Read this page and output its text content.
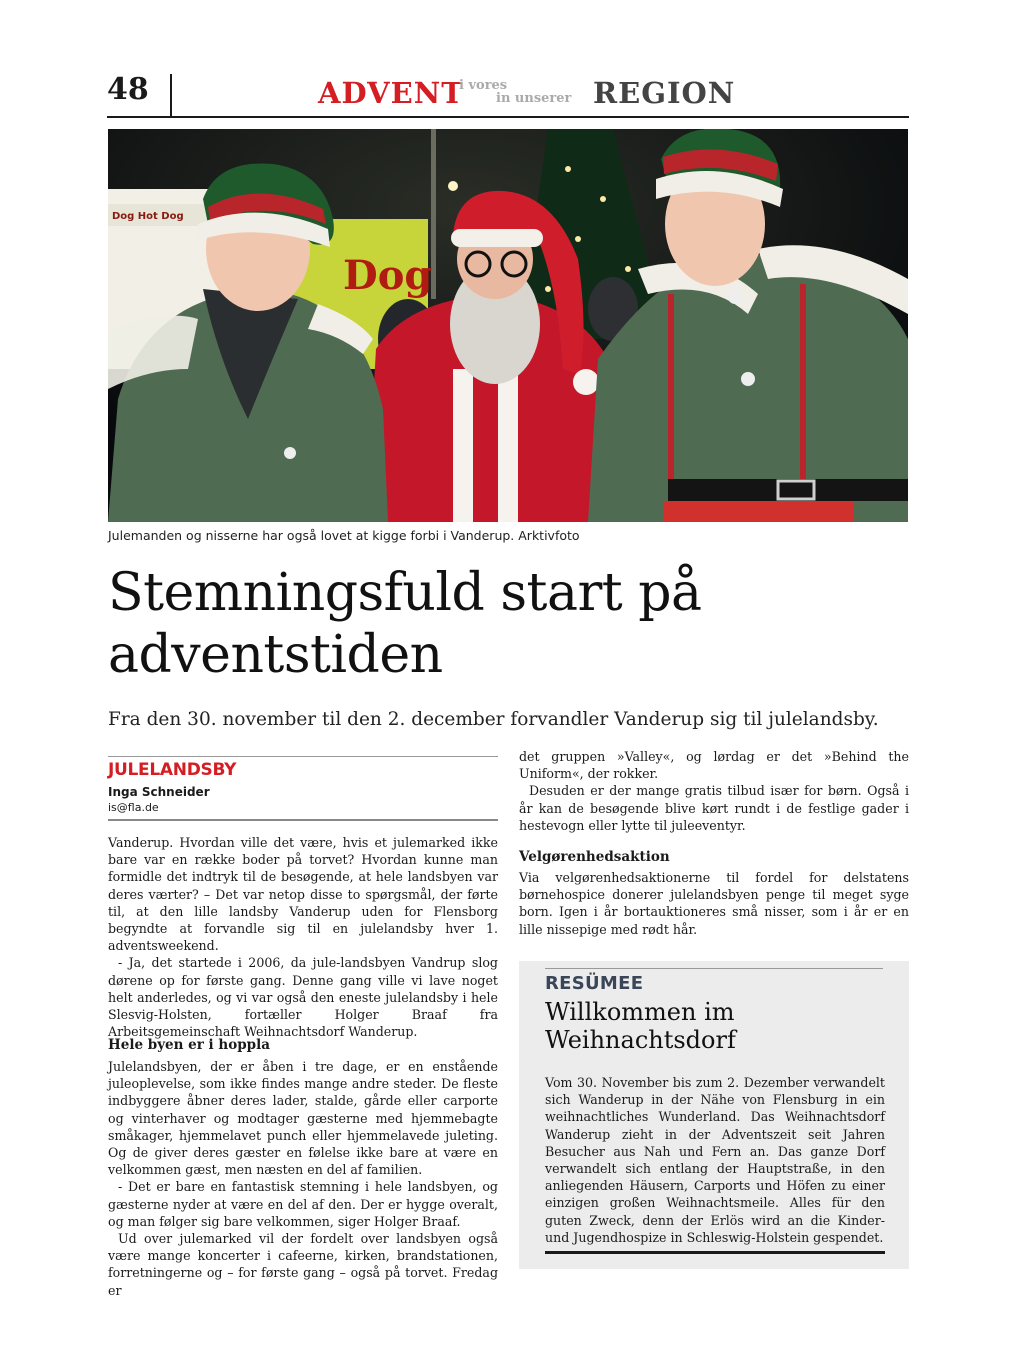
48	ADVENT
i vores
in unserer REGION
Dog Hot Dog
Dog
Julemanden og nisserne har også lovet at kigge forbi i Vanderup. Arktivfoto
Stemningsfuld start på
adventstiden
Fra den 30. november til den 2. december forvandler Vanderup sig til julelandsby.
JULELANDSBY
Inga Schneider
is@fla.de

Vanderup. Hvordan ville det være, hvis et julemarked ikke bare var en række boder på torvet? Hvordan kunne man formidle det indtryk til de besøgende, at hele landsbyen var deres værter? – Det var netop disse to spørgsmål, der førte til, at den lille landsby Vanderup uden for Flensborg begyndte at forvandle sig til en julelandsby hver 1. adventsweekend.

- Ja, det startede i 2006, da jule-landsbyen Vandrup slog dørene op for første gang. Denne gang ville vi lave noget helt anderledes, og vi var også den eneste julelandsby i hele Slesvig-Holsten, fortæller Holger Braaf fra Arbeitsgemeinschaft Weihnachtsdorf Wanderup.

Hele byen er i hoppla

Julelandsbyen, der er åben i tre dage, er en enstående juleoplevelse, som ikke findes mange andre steder. De fleste indbyggere åbner deres lader, stalde, gårde eller carporte og vinterhaver og modtager gæsterne med hjemmebagte småkager, hjemmelavet punch eller hjemmelavede juleting. Og de giver deres gæster en følelse ikke bare at være en velkommen gæst, men næsten en del af familien.

- Det er bare en fantastisk stemning i hele landsbyen, og gæsterne nyder at være en del af den. Der er hygge overalt, og man følger sig bare velkommen, siger Holger Braaf.

Ud over julemarked vil der fordelt over landsbyen også være mange koncerter i cafeerne, kirken, brandstationen, forretningerne og – for første gang – også på torvet. Fredag er

det gruppen »Valley«, og lørdag er det »Behind the Uniform«, der rokker.

Desuden er der mange gratis tilbud især for børn. Også i år kan de besøgende blive kørt rundt i de festlige gader i hestevogn eller lytte til juleeventyr.

Velgørenhedsaktion

Via velgørenhedsaktionerne til fordel for delstatens børnehospice donerer julelandsbyen penge til meget syge born. Igen i år bortauktioneres små nisser, som i år er en lille nissepige med rødt hår.

RESÜMEE
Willkommen im Weihnachtsdorf
Vom 30. November bis zum 2. Dezember verwandelt sich Wanderup in der Nähe von Flensburg in ein weihnachtliches Wunderland. Das Weihnachtsdorf Wanderup zieht in der Adventszeit seit Jahren Besucher aus Nah und Fern an. Das ganze Dorf verwandelt sich entlang der Hauptstraße, in den anliegenden Häusern, Carports und Höfen zu einer einzigen großen Weihnachtsmeile. Alles für den guten Zweck, denn der Erlös wird an die Kinder- und Jugendhospize in Schleswig-Holstein gespendet.
